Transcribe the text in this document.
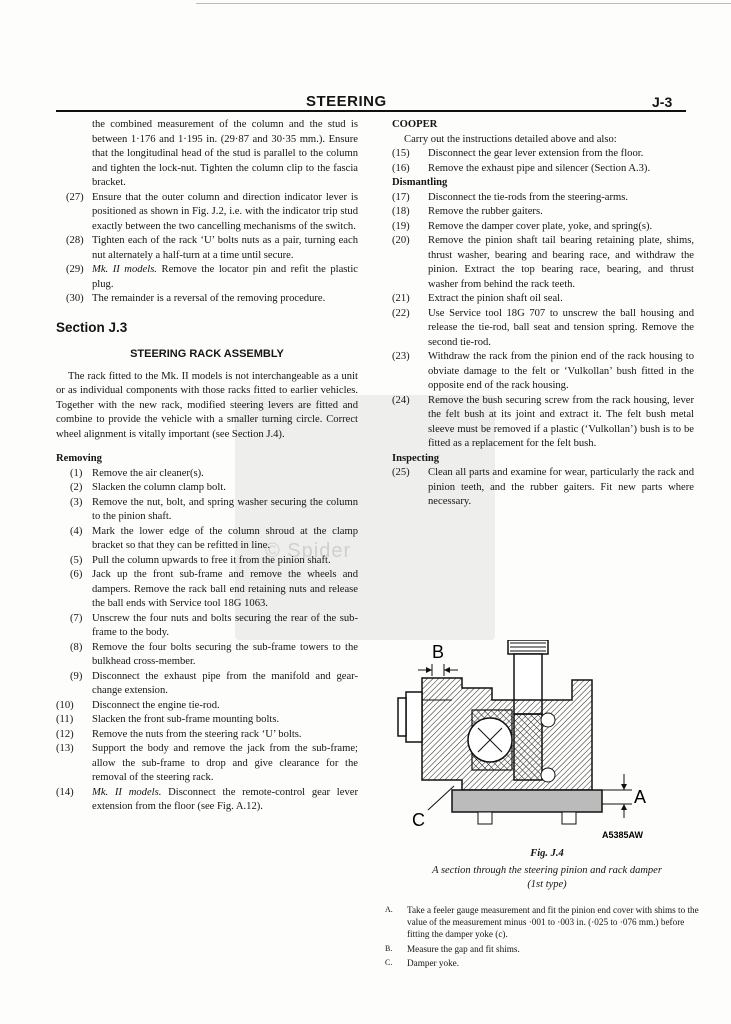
STEERING	J-3
© Spider

the combined measurement of the column and the stud is between 1·176 and 1·195 in. (29·87 and 30·35 mm.). Ensure that the longitudinal head of the stud is parallel to the column and tighten the lock-nut. Tighten the column clip to the fascia bracket.

(27) Ensure that the outer column and direction indicator lever is positioned as shown in Fig. J.2, i.e. with the indicator trip stud exactly between the two cancelling mechanisms of the switch.
(28) Tighten each of the rack ‘U’ bolts nuts as a pair, turning each nut alternately a half-turn at a time until secure.
(29) Mk. II models. Remove the locator pin and refit the plastic plug.
(30) The remainder is a reversal of the removing procedure.
Section J.3
STEERING RACK ASSEMBLY

The rack fitted to the Mk. II models is not interchangeable as a unit or as individual components with those racks fitted to earlier vehicles. Together with the new rack, modified steering levers are fitted and combine to provide the vehicle with a smaller turning circle. Correct wheel alignment is vitally important (see Section J.4).

Removing

(1) Remove the air cleaner(s).
(2) Slacken the column clamp bolt.
(3) Remove the nut, bolt, and spring washer securing the column to the pinion shaft.
(4) Mark the lower edge of the column shroud at the clamp bracket so that they can be refitted in line.
(5) Pull the column upwards to free it from the pinion shaft.
(6) Jack up the front sub-frame and remove the wheels and dampers. Remove the rack ball end retaining nuts and release the ball ends with Service tool 18G 1063.
(7) Unscrew the four nuts and bolts securing the rear of the sub-frame to the body.
(8) Remove the four bolts securing the sub-frame towers to the bulkhead cross-member.
(9) Disconnect the exhaust pipe from the manifold and gear-change extension.
(10) Disconnect the engine tie-rod.
(11) Slacken the front sub-frame mounting bolts.
(12) Remove the nuts from the steering rack ‘U’ bolts.
(13) Support the body and remove the jack from the sub-frame; allow the sub-frame to drop and give clearance for the removal of the steering rack.
(14) Mk. II models. Disconnect the remote-control gear lever extension from the floor (see Fig. A.12).

COOPER

Carry out the instructions detailed above and also:

(15) Disconnect the gear lever extension from the floor.
(16) Remove the exhaust pipe and silencer (Section A.3).

Dismantling

(17) Disconnect the tie-rods from the steering-arms.
(18) Remove the rubber gaiters.
(19) Remove the damper cover plate, yoke, and spring(s).
(20) Remove the pinion shaft tail bearing retaining plate, shims, thrust washer, bearing and bearing race, and withdraw the pinion. Extract the top bearing race, bearing, and thrust washer from behind the rack teeth.
(21) Extract the pinion shaft oil seal.
(22) Use Service tool 18G 707 to unscrew the ball housing and release the tie-rod, ball seat and tension spring. Remove the second tie-rod.
(23) Withdraw the rack from the pinion end of the rack housing to obviate damage to the felt or ‘Vulkollan’ bush fitted in the opposite end of the rack housing.
(24) Remove the bush securing screw from the rack housing, lever the felt bush at its joint and extract it. The felt bush metal sleeve must be removed if a plastic (‘Vulkollan’) bush is to be fitted as a replacement for the felt bush.

Inspecting

(25) Clean all parts and examine for wear, particularly the rack and pinion teeth, and the rubber gaiters. Fit new parts where necessary.
B
A
C
A5385AW
Fig. J.4
A section through the steering pinion and rack damper
(1st type)
A. Take a feeler gauge measurement and fit the pinion end cover with shims to the value of the measurement minus ·001 to ·003 in. (·025 to ·076 mm.) before fitting the damper yoke (c).
B. Measure the gap and fit shims.
C. Damper yoke.
